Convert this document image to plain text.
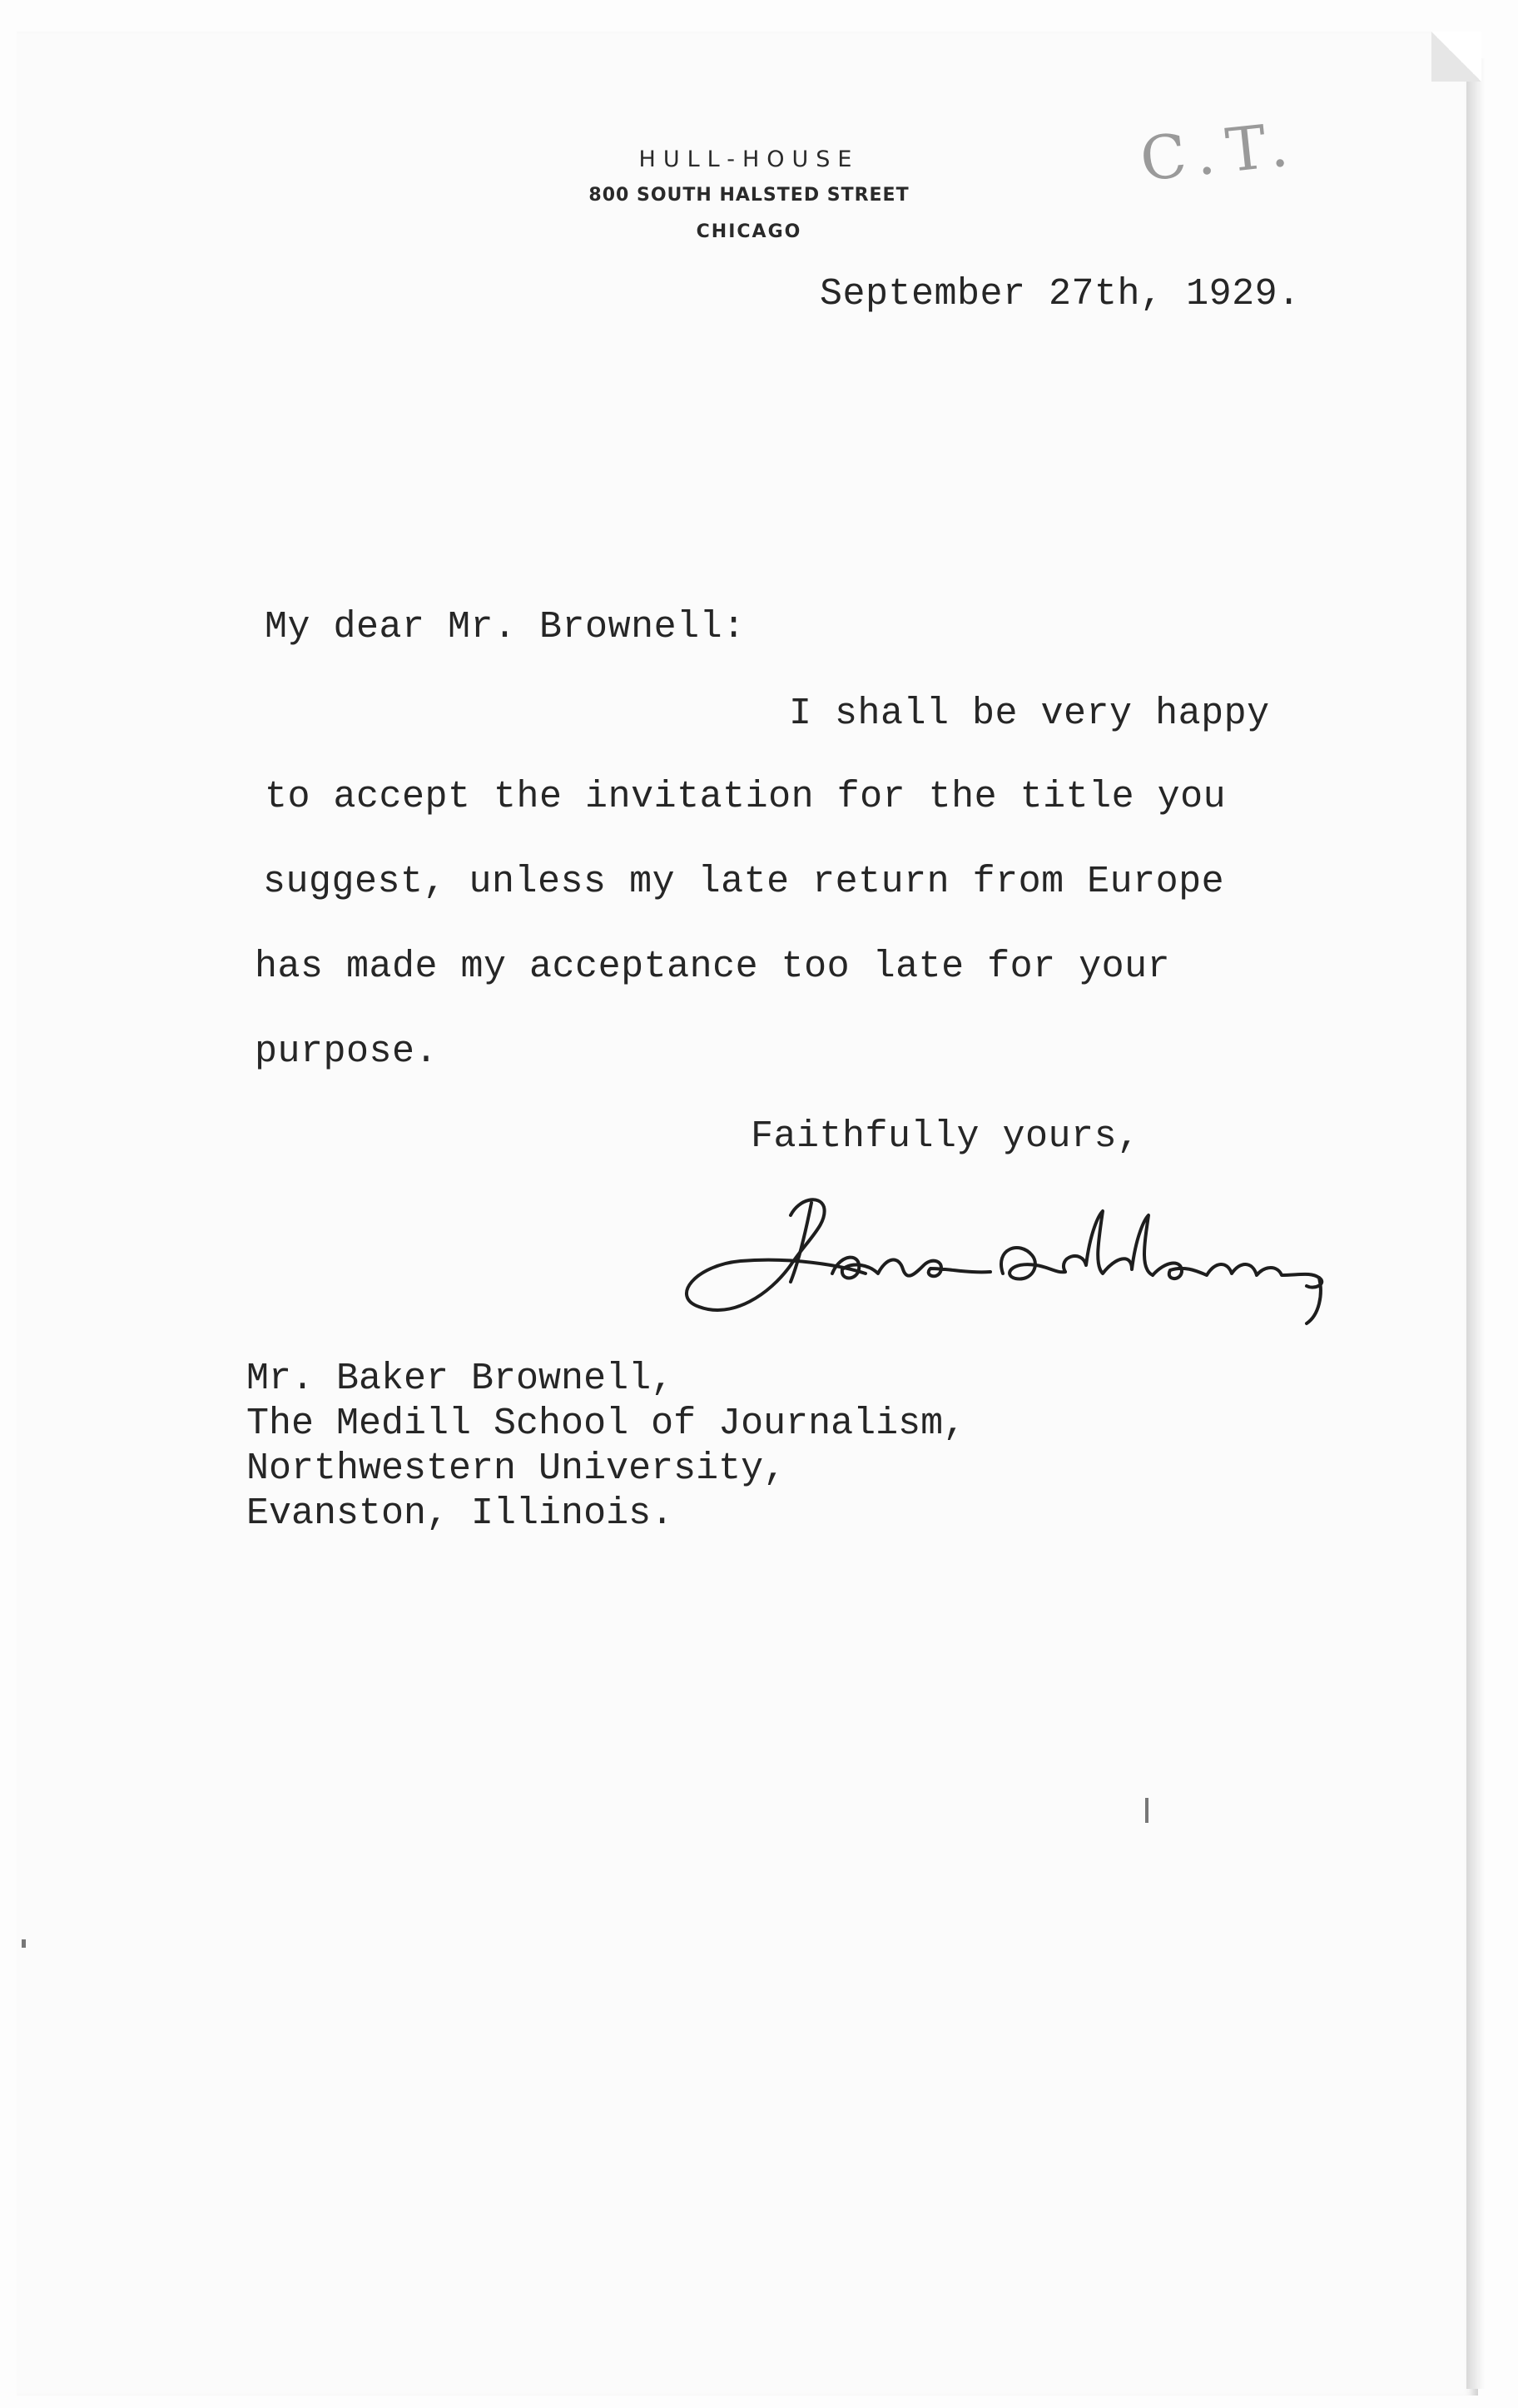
HULL-HOUSE
800 SOUTH HALSTED STREET
CHICAGO
C.T.
September 27th, 1929.
My dear Mr. Brownell:
I shall be very happy
to accept the invitation for the title you
suggest, unless my late return from Europe
has made my acceptance too late for your
purpose.
Faithfully yours,
Mr. Baker Brownell,
The Medill School of Journalism,
Northwestern University,
Evanston, Illinois.
